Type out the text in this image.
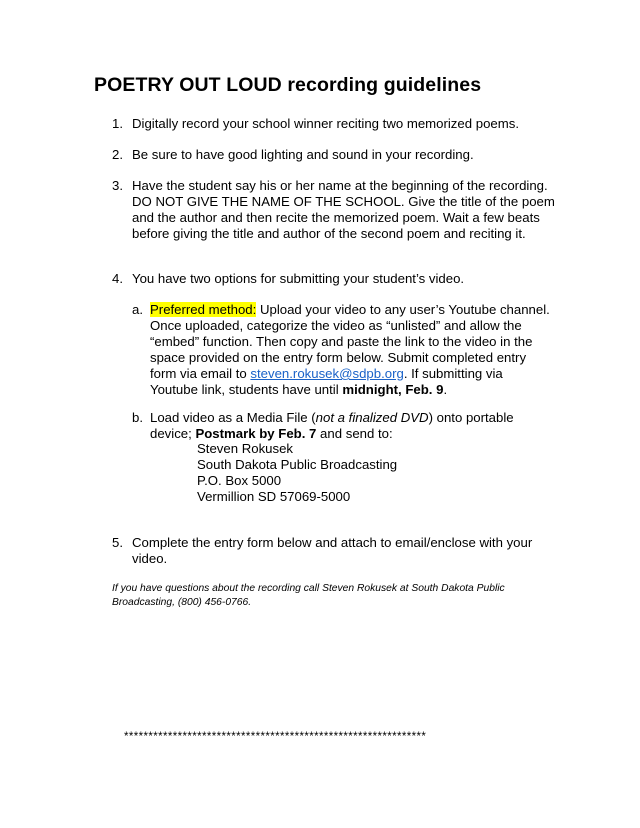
POETRY OUT LOUD recording guidelines
1. Digitally record your school winner reciting two memorized poems.
2. Be sure to have good lighting and sound in your recording.
3. Have the student say his or her name at the beginning of the recording. DO NOT GIVE THE NAME OF THE SCHOOL. Give the title of the poem and the author and then recite the memorized poem. Wait a few beats before giving the title and author of the second poem and reciting it.
4. You have two options for submitting your student’s video.
a. Preferred method: Upload your video to any user’s Youtube channel. Once uploaded, categorize the video as “unlisted” and allow the “embed” function. Then copy and paste the link to the video in the space provided on the entry form below. Submit completed entry form via email to steven.rokusek@sdpb.org. If submitting via Youtube link, students have until midnight, Feb. 9.
b. Load video as a Media File (not a finalized DVD) onto portable device; Postmark by Feb. 7 and send to:
Steven Rokusek
South Dakota Public Broadcasting
P.O. Box 5000
Vermillion SD 57069-5000
5. Complete the entry form below and attach to email/enclose with your video.
If you have questions about the recording call Steven Rokusek at South Dakota Public Broadcasting, (800) 456-0766.
**************************************************************
